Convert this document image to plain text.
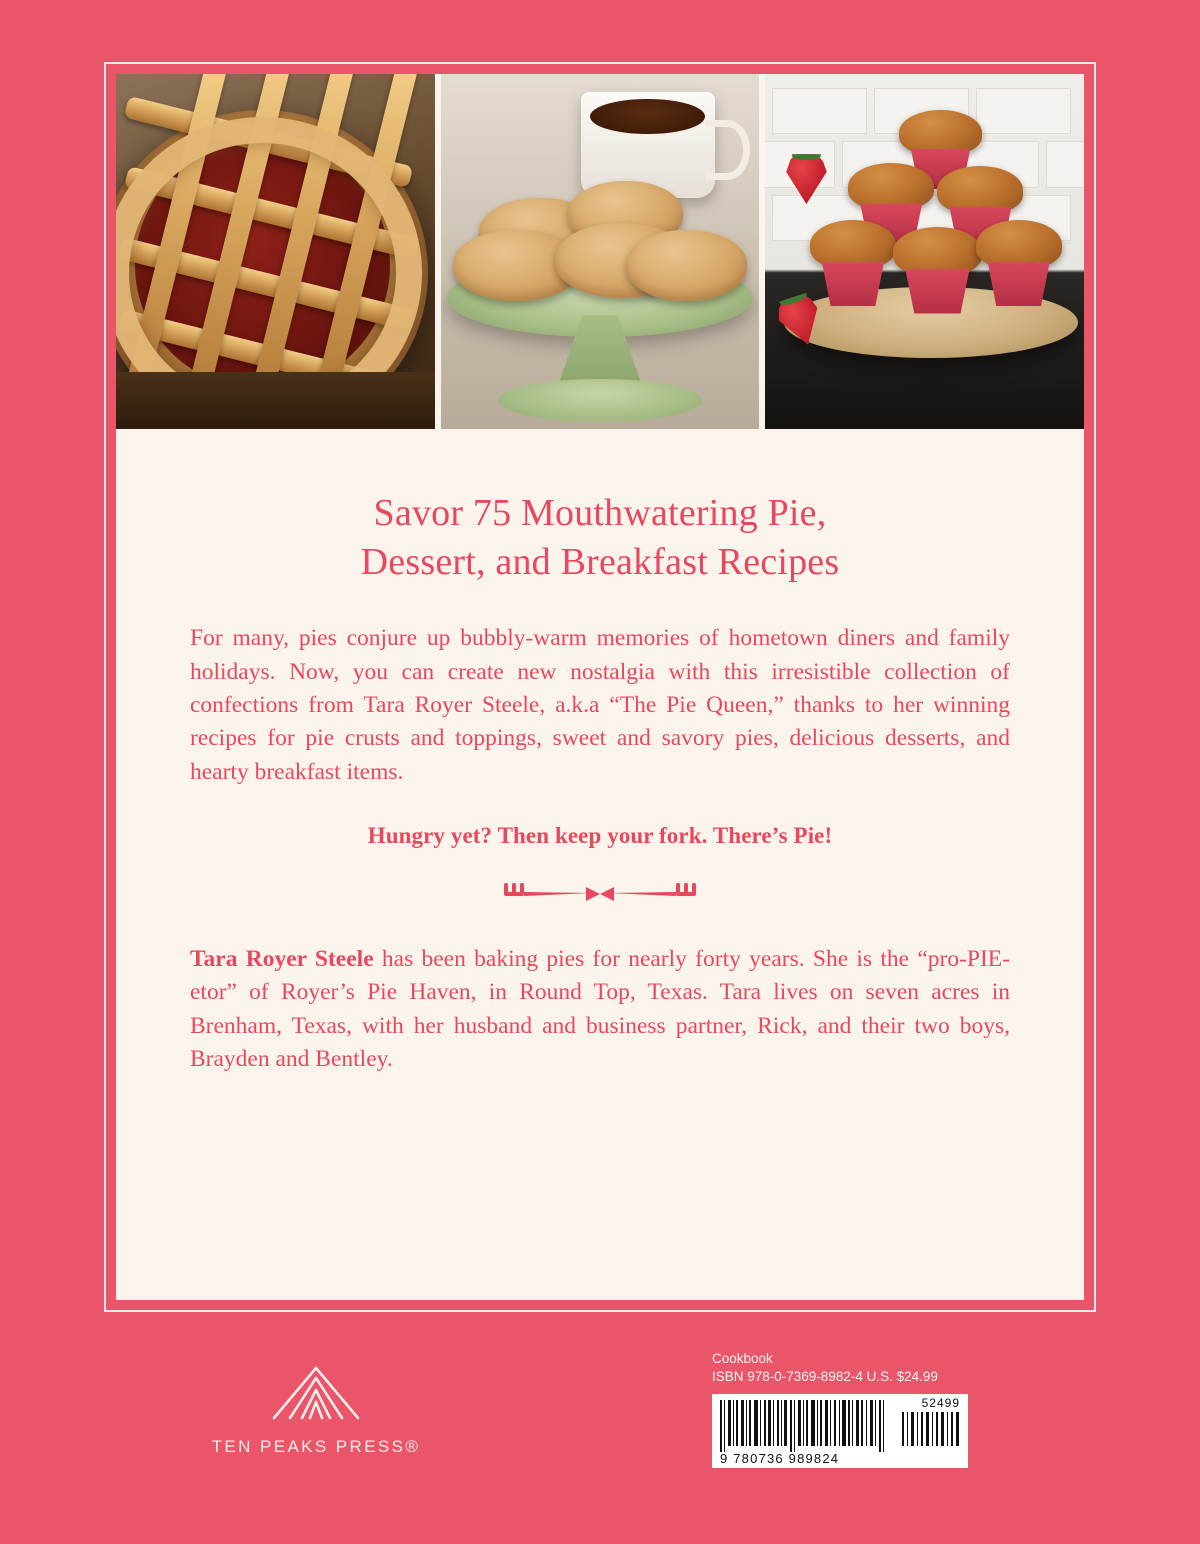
Savor 75 Mouthwatering Pie,
Dessert, and Breakfast Recipes

For many, pies conjure up bubbly-warm memories of hometown diners and family holidays. Now, you can create new nostalgia with this irresistible collection of confections from Tara Royer Steele, a.k.a “The Pie Queen,” thanks to her winning recipes for pie crusts and toppings, sweet and savory pies, delicious desserts, and hearty breakfast items.

Hungry yet? Then keep your fork. There’s Pie!

Tara Royer Steele has been baking pies for nearly forty years. She is the “pro-PIE-etor” of Royer’s Pie Haven, in Round Top, Texas. Tara lives on seven acres in Brenham, Texas, with her husband and business partner, Rick, and their two boys, Brayden and Bentley.

TEN PEAKS PRESS®
Cookbook
ISBN 978-0-7369-8982-4 U.S. $24.99
52499
9 780736 989824
